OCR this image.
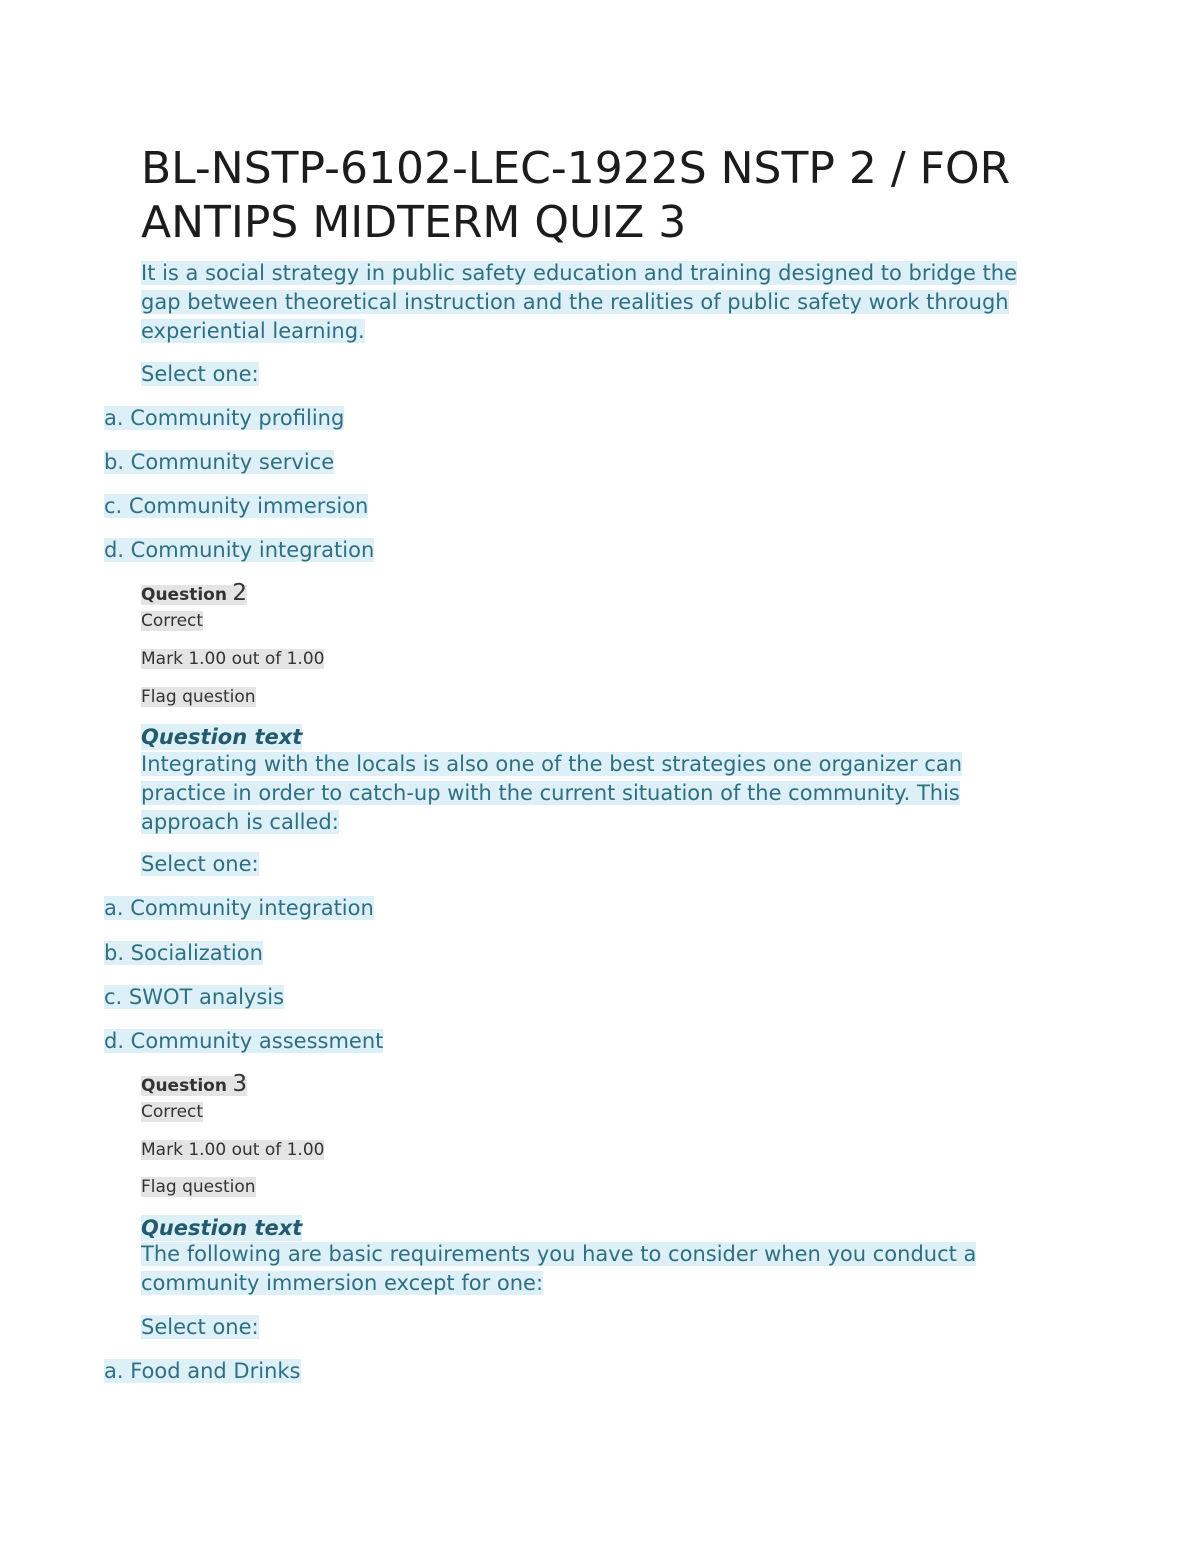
BL-NSTP-6102-LEC-1922S NSTP 2 / FOR ANTIPS MIDTERM QUIZ 3

It is a social strategy in public safety education and training designed to bridge the gap between theoretical instruction and the realities of public safety work through experiential learning.

Select one:

a. Community profiling

b. Community service

c. Community immersion

d. Community integration

Question 2

Correct

Mark 1.00 out of 1.00

Flag question

Question text

Integrating with the locals is also one of the best strategies one organizer can practice in order to catch-up with the current situation of the community. This approach is called:

Select one:

a. Community integration

b. Socialization

c. SWOT analysis

d. Community assessment

Question 3

Correct

Mark 1.00 out of 1.00

Flag question

Question text

The following are basic requirements you have to consider when you conduct a community immersion except for one:

Select one:

a. Food and Drinks
